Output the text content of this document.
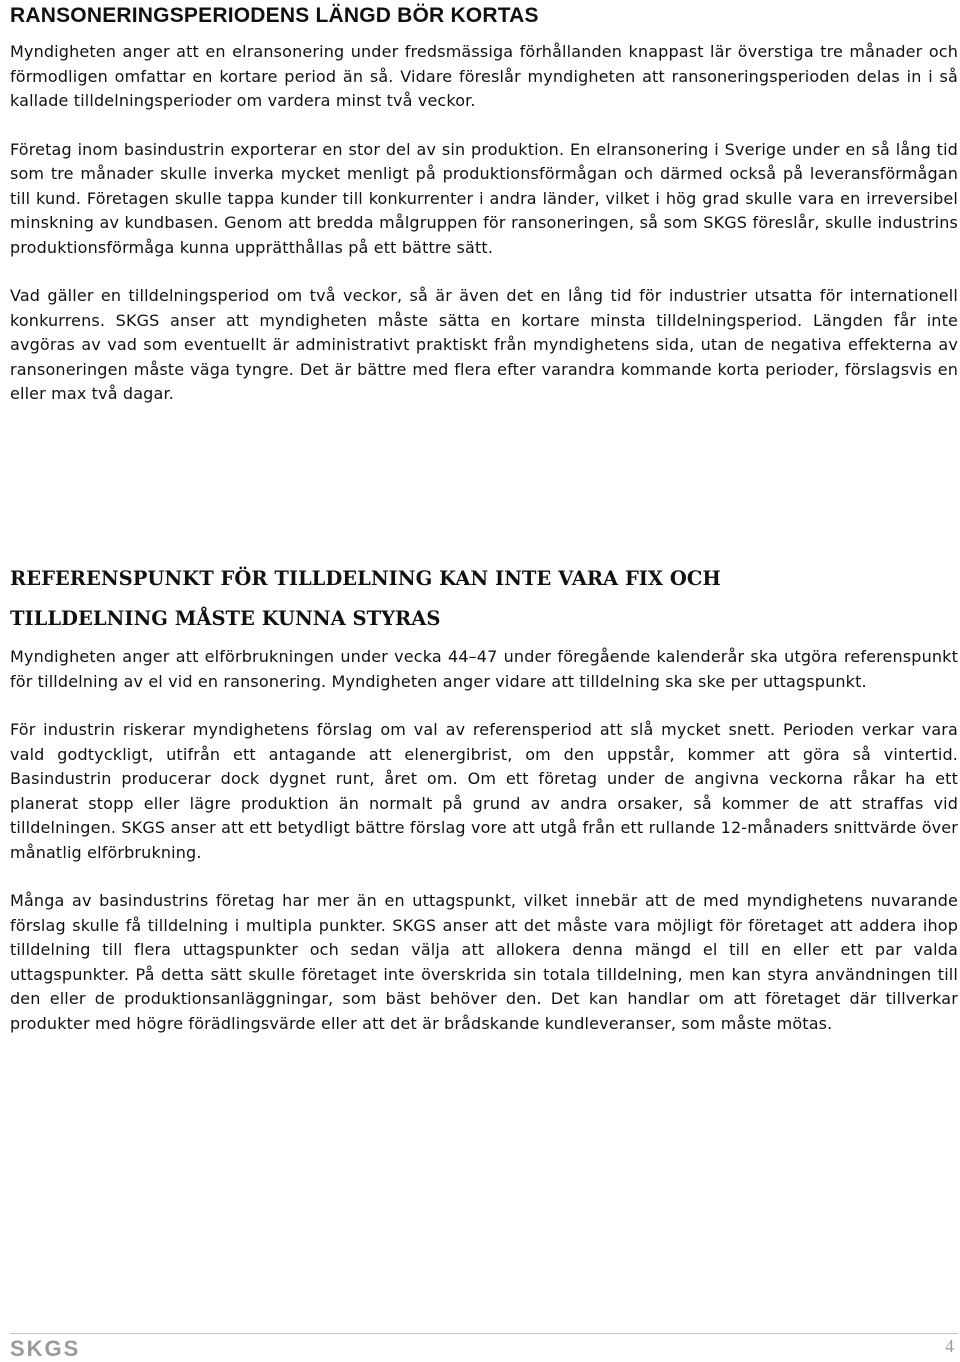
RANSONERINGSPERIODENS LÄNGD BÖR KORTAS

Myndigheten anger att en elransonering under fredsmässiga förhållanden knappast lär överstiga tre månader och förmodligen omfattar en kortare period än så. Vidare föreslår myndigheten att ransoneringsperioden delas in i så kallade tilldelningsperioder om vardera minst två veckor.

Företag inom basindustrin exporterar en stor del av sin produktion. En elransonering i Sverige under en så lång tid som tre månader skulle inverka mycket menligt på produktionsförmågan och därmed också på leveransförmågan till kund. Företagen skulle tappa kunder till konkurrenter i andra länder, vilket i hög grad skulle vara en irreversibel minskning av kundbasen. Genom att bredda målgruppen för ransoneringen, så som SKGS föreslår, skulle industrins produktionsförmåga kunna upprätthållas på ett bättre sätt.

Vad gäller en tilldelningsperiod om två veckor, så är även det en lång tid för industrier utsatta för internationell konkurrens. SKGS anser att myndigheten måste sätta en kortare minsta tilldelningsperiod. Längden får inte avgöras av vad som eventuellt är administrativt praktiskt från myndighetens sida, utan de negativa effekterna av ransoneringen måste väga tyngre. Det är bättre med flera efter varandra kommande korta perioder, förslagsvis en eller max två dagar.

REFERENSPUNKT FÖR TILLDELNING KAN INTE VARA FIX OCH
TILLDELNING MÅSTE KUNNA STYRAS

Myndigheten anger att elförbrukningen under vecka 44–47 under föregående kalenderår ska utgöra referenspunkt för tilldelning av el vid en ransonering. Myndigheten anger vidare att tilldelning ska ske per uttagspunkt.

För industrin riskerar myndighetens förslag om val av referensperiod att slå mycket snett. Perioden verkar vara vald godtyckligt, utifrån ett antagande att elenergibrist, om den uppstår, kommer att göra så vintertid. Basindustrin producerar dock dygnet runt, året om. Om ett företag under de angivna veckorna råkar ha ett planerat stopp eller lägre produktion än normalt på grund av andra orsaker, så kommer de att straffas vid tilldelningen. SKGS anser att ett betydligt bättre förslag vore att utgå från ett rullande 12-månaders snittvärde över månatlig elförbrukning.

Många av basindustrins företag har mer än en uttagspunkt, vilket innebär att de med myndighetens nuvarande förslag skulle få tilldelning i multipla punkter. SKGS anser att det måste vara möjligt för företaget att addera ihop tilldelning till flera uttagspunkter och sedan välja att allokera denna mängd el till en eller ett par valda uttagspunkter. På detta sätt skulle företaget inte överskrida sin totala tilldelning, men kan styra användningen till den eller de produktionsanläggningar, som bäst behöver den. Det kan handlar om att företaget där tillverkar produkter med högre förädlingsvärde eller att det är brådskande kundleveranser, som måste mötas.

SKGS	4
